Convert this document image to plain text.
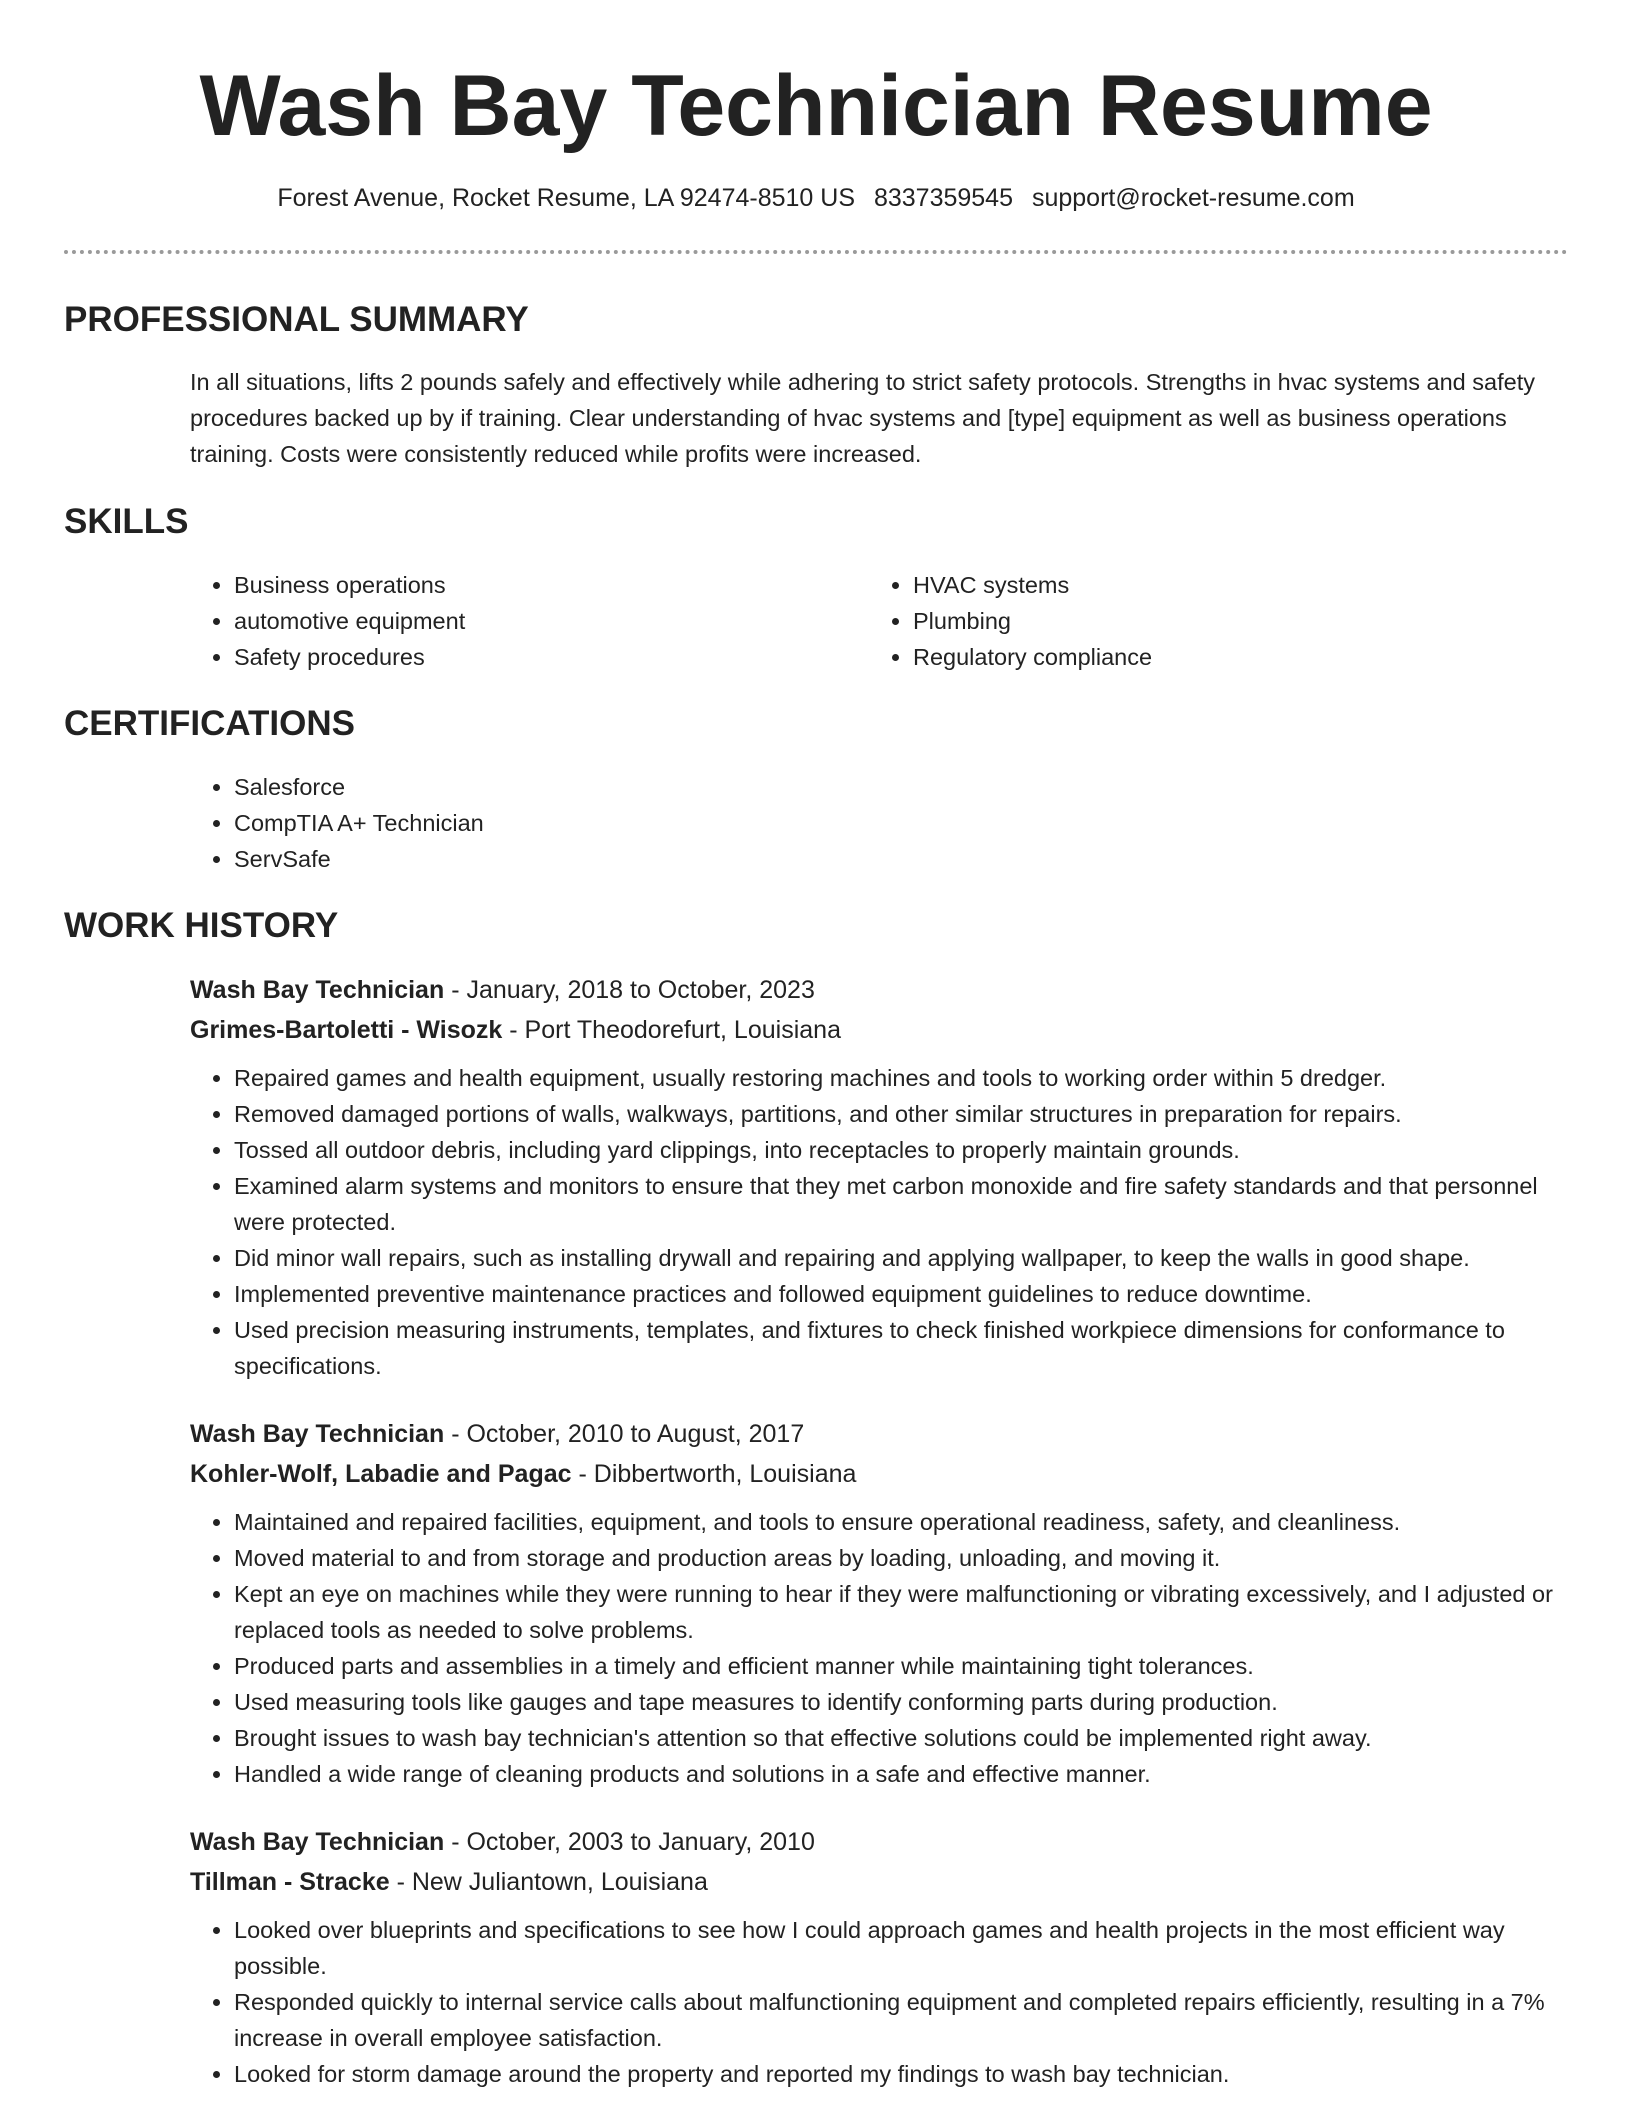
Wash Bay Technician Resume
Forest Avenue, Rocket Resume, LA 92474-8510 US 8337359545 support@rocket-resume.com
PROFESSIONAL SUMMARY
In all situations, lifts 2 pounds safely and effectively while adhering to strict safety protocols. Strengths in hvac systems and safety procedures backed up by if training. Clear understanding of hvac systems and [type] equipment as well as business operations training. Costs were consistently reduced while profits were increased.
SKILLS
• Business operations
• automotive equipment
• Safety procedures
• HVAC systems
• Plumbing
• Regulatory compliance
CERTIFICATIONS
• Salesforce
• CompTIA A+ Technician
• ServSafe
WORK HISTORY
Wash Bay Technician - January, 2018 to October, 2023
Grimes-Bartoletti - Wisozk - Port Theodorefurt, Louisiana
• Repaired games and health equipment, usually restoring machines and tools to working order within 5 dredger.
• Removed damaged portions of walls, walkways, partitions, and other similar structures in preparation for repairs.
• Tossed all outdoor debris, including yard clippings, into receptacles to properly maintain grounds.
• Examined alarm systems and monitors to ensure that they met carbon monoxide and fire safety standards and that personnel were protected.
• Did minor wall repairs, such as installing drywall and repairing and applying wallpaper, to keep the walls in good shape.
• Implemented preventive maintenance practices and followed equipment guidelines to reduce downtime.
• Used precision measuring instruments, templates, and fixtures to check finished workpiece dimensions for conformance to specifications.
Wash Bay Technician - October, 2010 to August, 2017
Kohler-Wolf, Labadie and Pagac - Dibbertworth, Louisiana
• Maintained and repaired facilities, equipment, and tools to ensure operational readiness, safety, and cleanliness.
• Moved material to and from storage and production areas by loading, unloading, and moving it.
• Kept an eye on machines while they were running to hear if they were malfunctioning or vibrating excessively, and I adjusted or replaced tools as needed to solve problems.
• Produced parts and assemblies in a timely and efficient manner while maintaining tight tolerances.
• Used measuring tools like gauges and tape measures to identify conforming parts during production.
• Brought issues to wash bay technician's attention so that effective solutions could be implemented right away.
• Handled a wide range of cleaning products and solutions in a safe and effective manner.
Wash Bay Technician - October, 2003 to January, 2010
Tillman - Stracke - New Juliantown, Louisiana
• Looked over blueprints and specifications to see how I could approach games and health projects in the most efficient way possible.
• Responded quickly to internal service calls about malfunctioning equipment and completed repairs efficiently, resulting in a 7% increase in overall employee satisfaction.
• Looked for storm damage around the property and reported my findings to wash bay technician.
